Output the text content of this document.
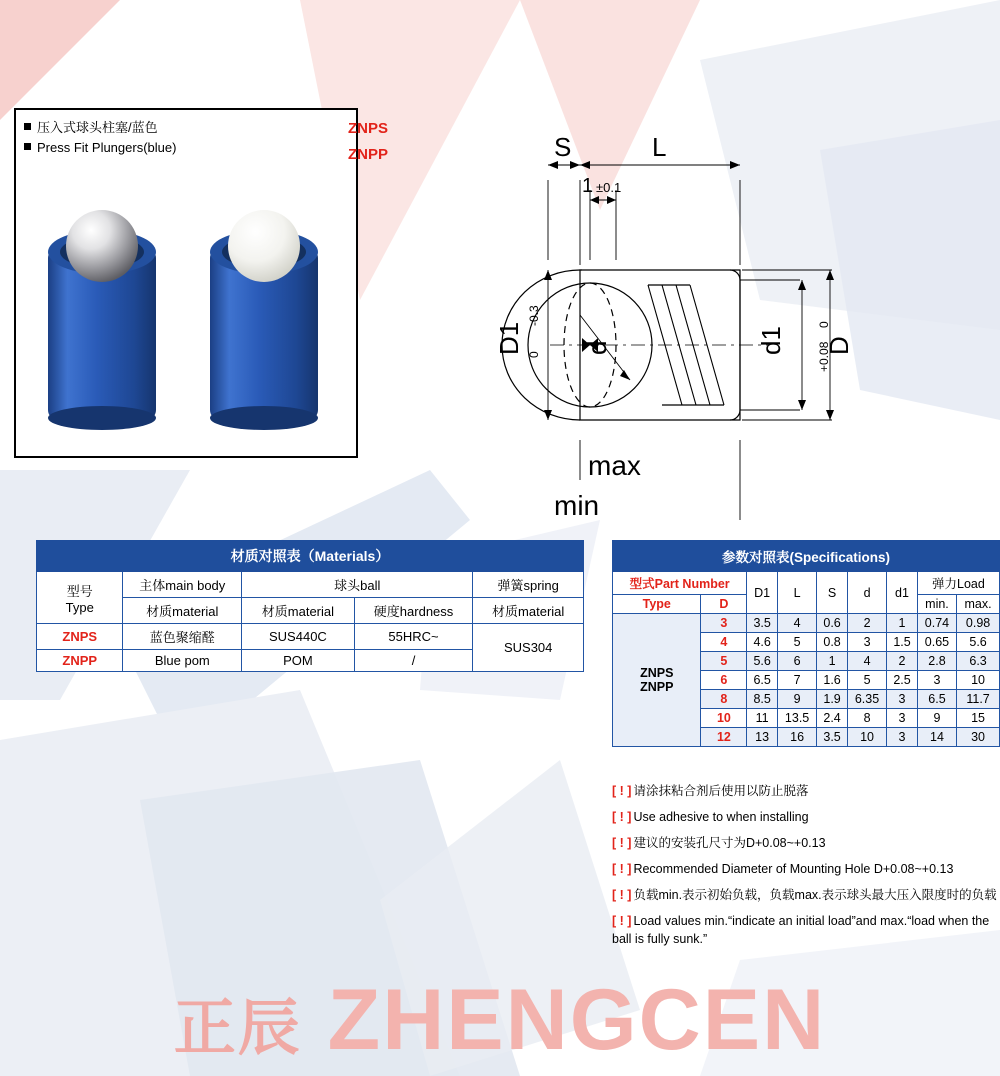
压入式球头柱塞/蓝色
Press Fit Plungers(blue)
ZNPS
ZNPP	S	L
1 ±0.1
D1 0
-0.3
d	d1 D
+0.08
0
max
min
材质对照表（Materials）				

型号
Type	主体main body	球头ball		弹簧spring
	材质material	材质material	硬度hardness	材质material
ZNPS	蓝色聚缩醛	SUS440C	55HRC~	SUS304
ZNPP	Blue pom	POM	/	
参数对照表(Specifications)								
型式Part Number		D1	L	S	d	d1	弹力Load	
Type	D						min.	max.

ZNPS
ZNPP	3	3.5	4	0.6	2	1	0.74	0.98
	4	4.6	5	0.8	3	1.5	0.65	5.6
	5	5.6	6	1	4	2	2.8	6.3
	6	6.5	7	1.6	5	2.5	3	10
	8	8.5	9	1.9	6.35	3	6.5	11.7
	10	11	13.5	2.4	8	3	9	15
	12	13	16	3.5	10	3	14	30

[ ! ] 请涂抹粘合剂后使用以防止脱落

[ ! ] Use adhesive to when installing

[ ! ] 建议的安装孔尺寸为D+0.08~+0.13

[ ! ] Recommended Diameter of Mounting Hole D+0.08~+0.13

[ ! ] 负载min.表示初始负载，负载max.表示球头最大压入限度时的负载

[ ! ] Load values min.“indicate an initial load”and max.“load when the ball is fully sunk.”

正辰 ZHENGCEN
